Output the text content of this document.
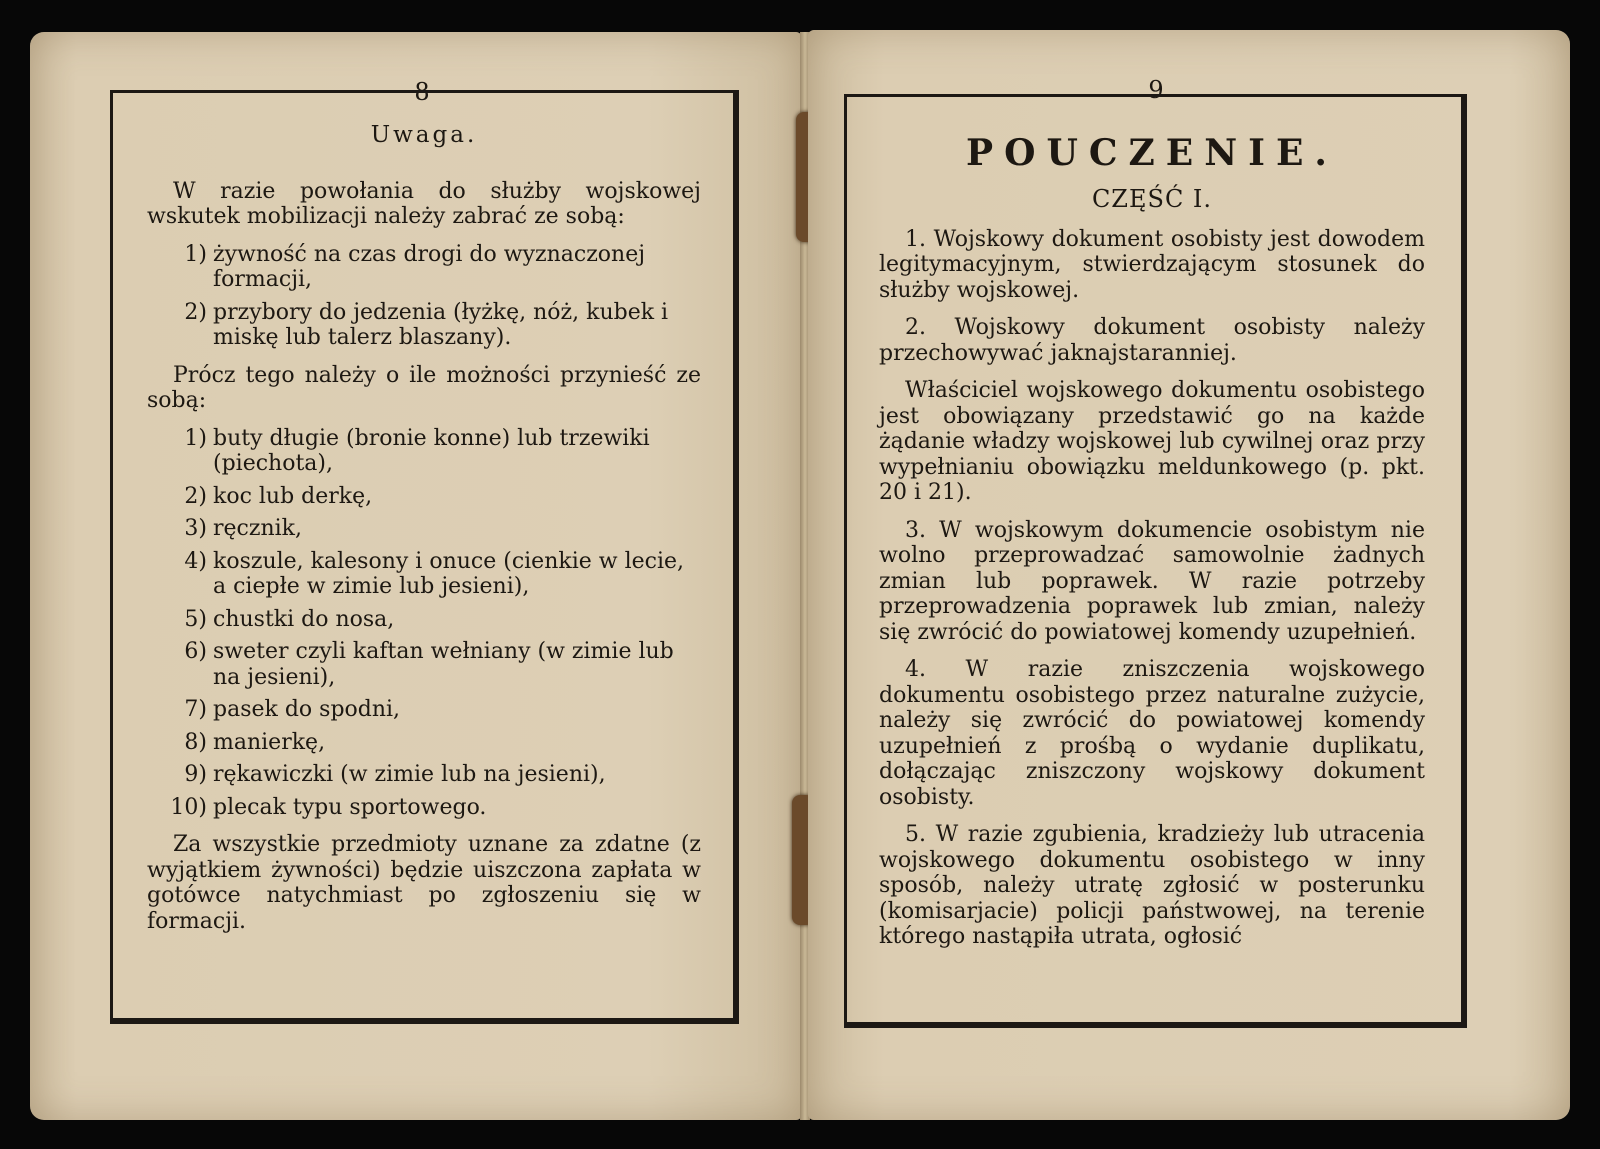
8
Uwaga.

W razie powołania do służby wojskowej wskutek mobilizacji należy zabrać ze sobą:

1) żywność na czas drogi do wyznaczonej formacji,
2) przybory do jedzenia (łyżkę, nóż, kubek i miskę lub talerz blaszany).

Prócz tego należy o ile możności przynieść ze sobą:

1) buty długie (bronie konne) lub trzewiki (piechota),
2) koc lub derkę,
3) ręcznik,
4) koszule, kalesony i onuce (cienkie w lecie, a ciepłe w zimie lub jesieni),
5) chustki do nosa,
6) sweter czyli kaftan wełniany (w zimie lub na jesieni),
7) pasek do spodni,
8) manierkę,
9) rękawiczki (w zimie lub na jesieni),
10) plecak typu sportowego.

Za wszystkie przedmioty uznane za zdatne (z wyjątkiem żywności) będzie uiszczona zapłata w gotówce natychmiast po zgłoszeniu się w formacji.

9
POUCZENIE.
CZĘŚĆ I.

1. Wojskowy dokument osobisty jest dowodem legitymacyjnym, stwierdzającym stosunek do służby wojskowej.

2. Wojskowy dokument osobisty należy przechowywać jaknajstaranniej.

Właściciel wojskowego dokumentu osobistego jest obowiązany przedstawić go na każde żądanie władzy wojskowej lub cywilnej oraz przy wypełnianiu obowiązku meldunkowego (p. pkt. 20 i 21).

3. W wojskowym dokumencie osobistym nie wolno przeprowadzać samowolnie żadnych zmian lub poprawek. W razie potrzeby przeprowadzenia poprawek lub zmian, należy się zwrócić do powiatowej komendy uzupełnień.

4. W razie zniszczenia wojskowego dokumentu osobistego przez naturalne zużycie, należy się zwrócić do powiatowej komendy uzupełnień z prośbą o wydanie duplikatu, dołączając zniszczony wojskowy dokument osobisty.

5. W razie zgubienia, kradzieży lub utracenia wojskowego dokumentu osobistego w inny sposób, należy utratę zgłosić w posterunku (komisarjacie) policji państwowej, na terenie którego nastąpiła utrata, ogłosić
